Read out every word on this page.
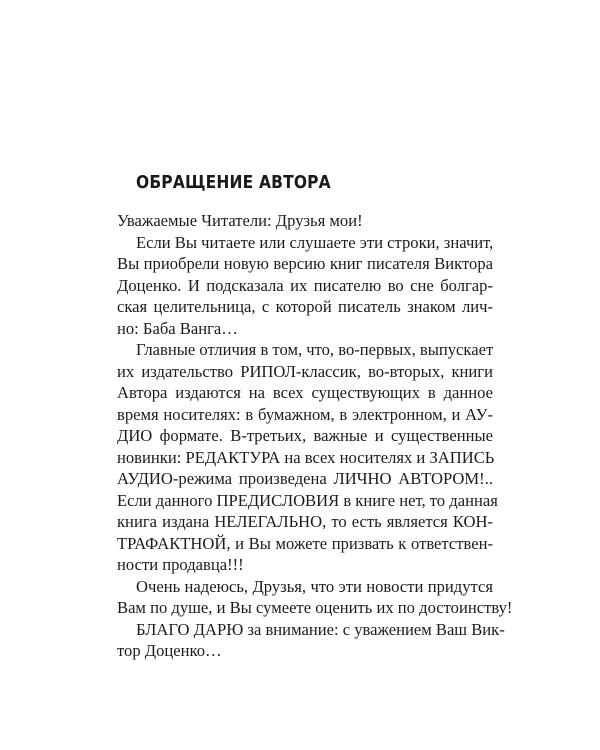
ОБРАЩЕНИЕ АВТОРА
Уважаемые Читатели: Друзья мои!
Если Вы читаете или слушаете эти строки, значит,
Вы приобрели новую версию книг писателя Виктора
Доценко. И подсказала их писателю во сне болгар-
ская целительница, с которой писатель знаком лич-
но: Баба Ванга…
Главные отличия в том, что, во-первых, выпускает
их издательство РИПОЛ-классик, во-вторых, книги
Автора издаются на всех существующих в данное
время носителях: в бумажном, в электронном, и АУ-
ДИО формате. В-третьих, важные и существенные
новинки: РЕДАКТУРА на всех носителях и ЗАПИСЬ
АУДИО-режима произведена ЛИЧНО АВТОРОМ!..
Если данного ПРЕДИСЛОВИЯ в книге нет, то данная
книга издана НЕЛЕГАЛЬНО, то есть является КОН-
ТРАФАКТНОЙ, и Вы можете призвать к ответствен-
ности продавца!!!
Очень надеюсь, Друзья, что эти новости придутся
Вам по душе, и Вы сумеете оценить их по достоинству!
БЛАГО ДАРЮ за внимание: с уважением Ваш Вик-
тор Доценко…
